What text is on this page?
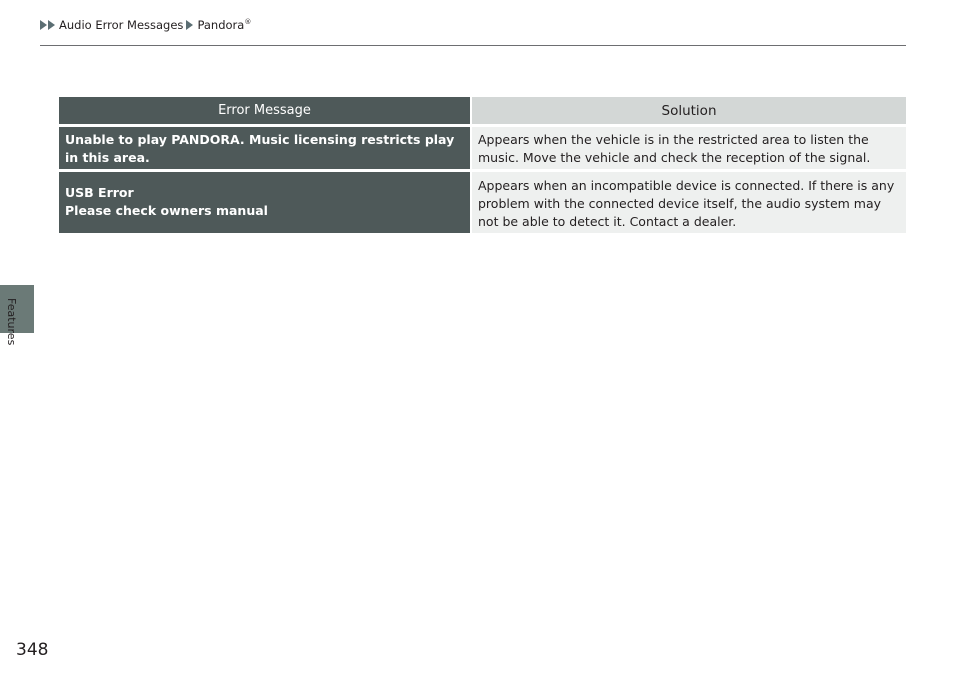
Audio Error Messages Pandora®
Features
Error Message	Solution
Unable to play PANDORA. Music licensing restricts play in this area.
Appears when the vehicle is in the restricted area to listen the music. Move the vehicle and check the reception of the signal.
USB Error
Please check owners manual
Appears when an incompatible device is connected. If there is any problem with the connected device itself, the audio system may not be able to detect it. Contact a dealer.
348
